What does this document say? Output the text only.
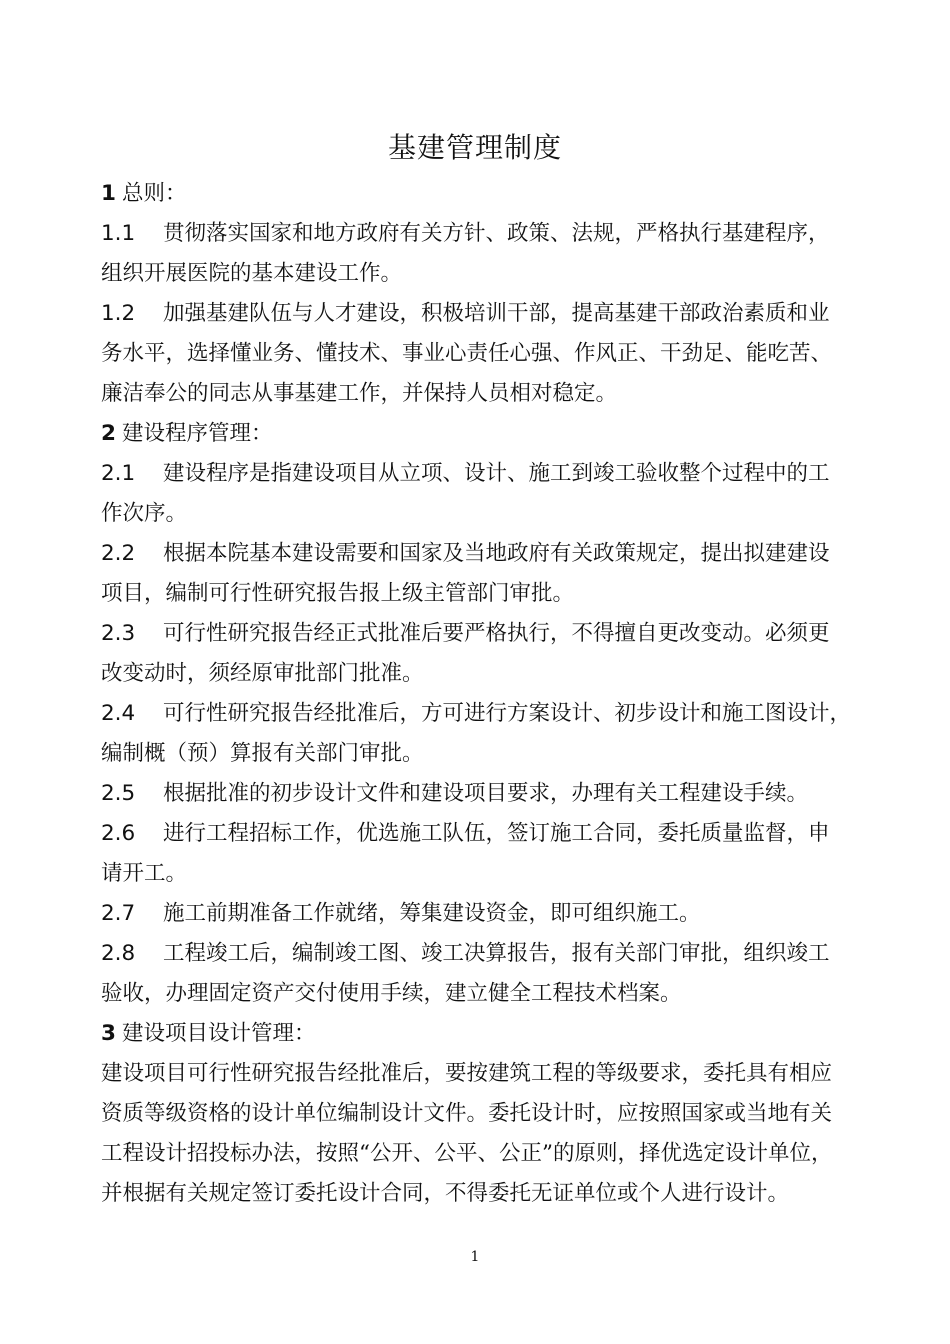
基建管理制度
1 总则：
1.1 贯彻落实国家和地方政府有关方针、政策、法规，严格执行基建程序，
组织开展医院的基本建设工作。
1.2 加强基建队伍与人才建设，积极培训干部，提高基建干部政治素质和业
务水平，选择懂业务、懂技术、事业心责任心强、作风正、干劲足、能吃苦、
廉洁奉公的同志从事基建工作，并保持人员相对稳定。
2 建设程序管理：
2.1 建设程序是指建设项目从立项、设计、施工到竣工验收整个过程中的工
作次序。
2.2 根据本院基本建设需要和国家及当地政府有关政策规定，提出拟建建设
项目，编制可行性研究报告报上级主管部门审批。
2.3 可行性研究报告经正式批准后要严格执行，不得擅自更改变动。必须更
改变动时，须经原审批部门批准。
2.4 可行性研究报告经批准后，方可进行方案设计、初步设计和施工图设计，
编制概（预）算报有关部门审批。
2.5 根据批准的初步设计文件和建设项目要求，办理有关工程建设手续。
2.6 进行工程招标工作，优选施工队伍，签订施工合同，委托质量监督，申
请开工。
2.7 施工前期准备工作就绪，筹集建设资金，即可组织施工。
2.8 工程竣工后，编制竣工图、竣工决算报告，报有关部门审批，组织竣工
验收，办理固定资产交付使用手续，建立健全工程技术档案。
3 建设项目设计管理：
建设项目可行性研究报告经批准后，要按建筑工程的等级要求，委托具有相应
资质等级资格的设计单位编制设计文件。委托设计时，应按照国家或当地有关
工程设计招投标办法，按照“公开、公平、公正”的原则，择优选定设计单位，
并根据有关规定签订委托设计合同，不得委托无证单位或个人进行设计。
1
